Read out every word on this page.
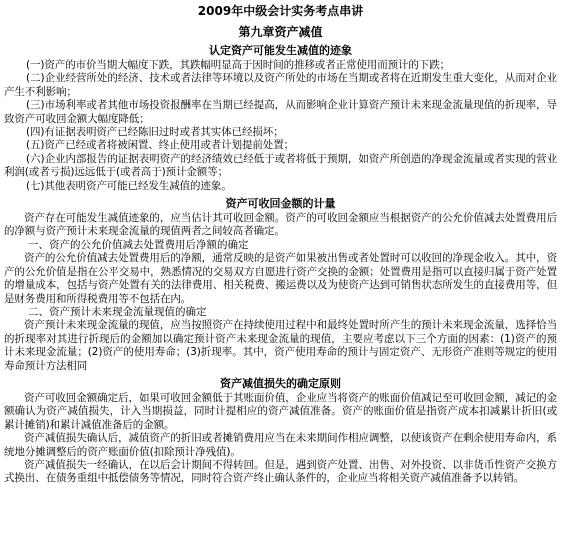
2009年中级会计实务考点串讲
第九章资产减值
认定资产可能发生减值的迹象

(一)资产的市价当期大幅度下跌，其跌幅明显高于因时间的推移或者正常使用而预计的下跌；

(二)企业经营所处的经济、技术或者法律等环境以及资产所处的市场在当期或者将在近期发生重大变化，从而对企业产生不利影响；

(三)市场利率或者其他市场投资报酬率在当期已经提高，从而影响企业计算资产预计未来现金流量现值的折现率，导致资产可收回金额大幅度降低；

(四)有证据表明资产已经陈旧过时或者其实体已经损坏；

(五)资产已经或者将被闲置、终止使用或者计划提前处置；

(六)企业内部报告的证据表明资产的经济绩效已经低于或者将低于预期，如资产所创造的净现金流量或者实现的营业利润(或者亏损)远远低于(或者高于)预计金额等；

(七)其他表明资产可能已经发生减值的迹象。

资产可收回金额的计量

资产存在可能发生减值迹象的，应当估计其可收回金额。资产的可收回金额应当根据资产的公允价值减去处置费用后的净额与资产预计未来现金流量的现值两者之间较高者确定。

一、资产的公允价值减去处置费用后净额的确定

资产的公允价值减去处置费用后的净额，通常反映的是资产如果被出售或者处置时可以收回的净现金收入。其中，资产的公允价值是指在公平交易中，熟悉情况的交易双方自愿进行资产交换的金额；处置费用是指可以直接归属于资产处置的增量成本，包括与资产处置有关的法律费用、相关税费、搬运费以及为使资产达到可销售状态所发生的直接费用等，但是财务费用和所得税费用等不包括在内。

二、资产预计未来现金流量现值的确定

资产预计未来现金流量的现值，应当按照资产在持续使用过程中和最终处置时所产生的预计未来现金流量，选择恰当的折现率对其进行折现后的金额加以确定预计资产未来现金流量的现值，主要应考虑以下三个方面的因素：(1)资产的预计未来现金流量；(2)资产的使用寿命；(3)折现率。其中，资产使用寿命的预计与固定资产、无形资产准则等规定的使用寿命预计方法相同

资产减值损失的确定原则

资产可收回金额确定后，如果可收回金额低于其账面价值，企业应当将资产的账面价值减记至可收回金额，减记的金额确认为资产减值损失，计入当期损益，同时计提相应的资产减值准备。资产的账面价值是指资产成本扣减累计折旧(或累计摊销)和累计减值准备后的金额。

资产减值损失确认后，减值资产的折旧或者摊销费用应当在未来期间作相应调整，以使该资产在剩余使用寿命内，系统地分摊调整后的资产账面价值(扣除预计净残值)。

资产减值损失一经确认，在以后会计期间不得转回。但是，遇到资产处置、出售、对外投资、以非货币性资产交换方式换出、在债务重组中抵偿债务等情况，同时符合资产终止确认条件的，企业应当将相关资产减值准备予以转销。
